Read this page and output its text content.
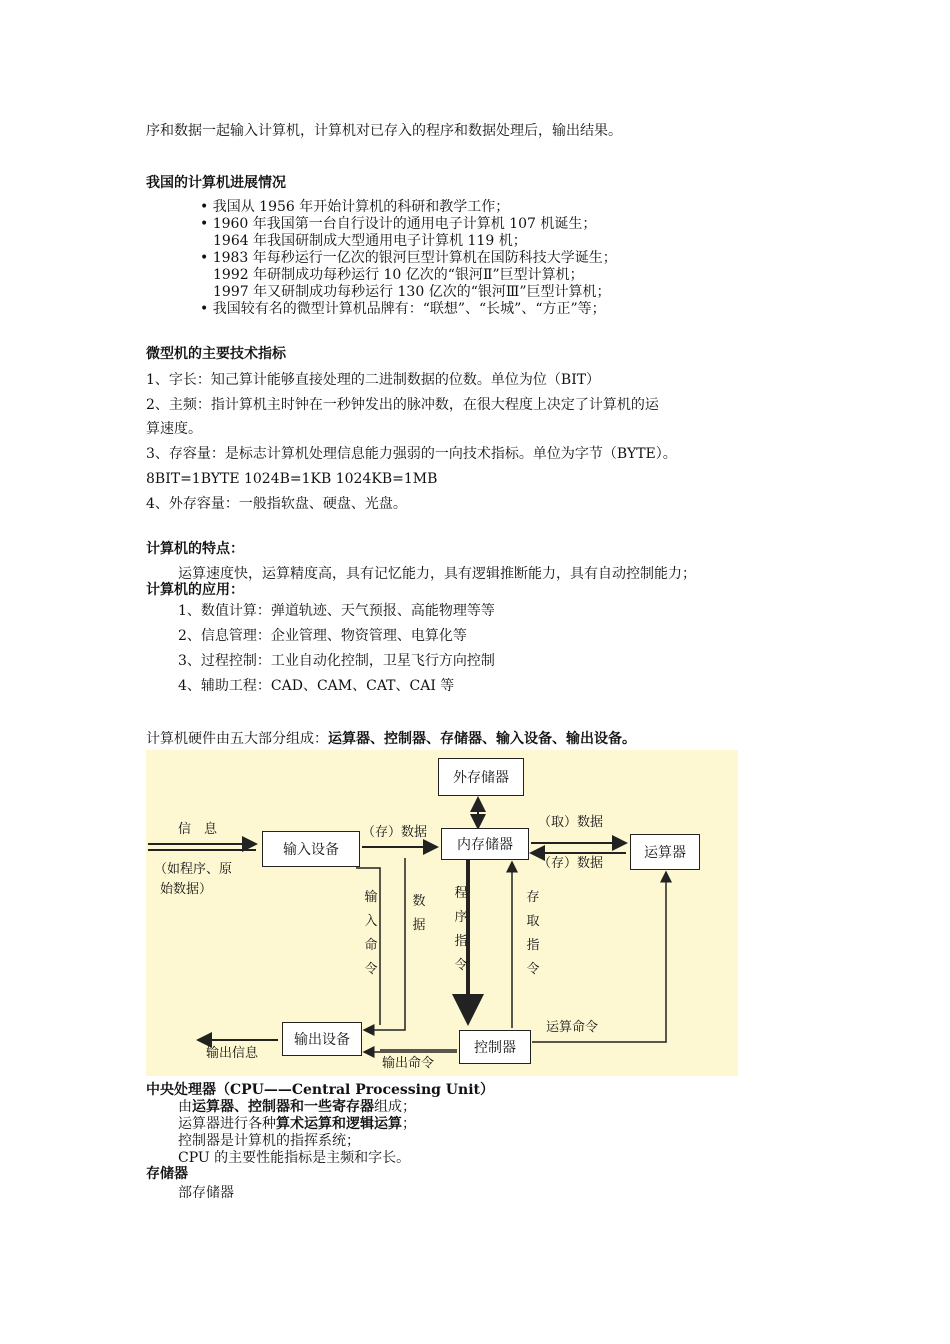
序和数据一起输入计算机，计算机对已存入的程序和数据处理后，输出结果。
我国的计算机进展情况
• 我国从 1956 年开始计算机的科研和教学工作；
• 1960 年我国第一台自行设计的通用电子计算机 107 机诞生；
1964 年我国研制成大型通用电子计算机 119 机；
• 1983 年每秒运行一亿次的银河巨型计算机在国防科技大学诞生；
1992 年研制成功每秒运行 10 亿次的“银河Ⅱ”巨型计算机；
1997 年又研制成功每秒运行 130 亿次的“银河Ⅲ”巨型计算机；
• 我国较有名的微型计算机品牌有：“联想”、“长城”、“方正”等；
微型机的主要技术指标
1、字长：知己算计能够直接处理的二进制数据的位数。单位为位（BIT）
2、主频：指计算机主时钟在一秒钟发出的脉冲数，在很大程度上决定了计算机的运
算速度。
3、存容量：是标志计算机处理信息能力强弱的一向技术指标。单位为字节（BYTE）。
8BIT=1BYTE 1024B=1KB 1024KB=1MB
4、外存容量：一般指软盘、硬盘、光盘。
计算机的特点：
运算速度快，运算精度高，具有记忆能力，具有逻辑推断能力，具有自动控制能力；
计算机的应用：
1、数值计算：弹道轨迹、天气预报、高能物理等等
2、信息管理：企业管理、物资管理、电算化等
3、过程控制：工业自动化控制，卫星飞行方向控制
4、辅助工程：CAD、CAM、CAT、CAI 等
计算机硬件由五大部分组成：运算器、控制器、存储器、输入设备、输出设备。
外存储器
输入设备	内存储器	运算器
输出设备	控制器
信　息
（如程序、原
始数据）
（存）数据
（取）数据
（存）数据
输入命令
数据
程序指令
存取指令
运算命令
输出信息
输出命令
中央处理器（CPU——Central Processing Unit）
由运算器、控制器和一些寄存器组成；
运算器进行各种算术运算和逻辑运算；
控制器是计算机的指挥系统；
CPU 的主要性能指标是主频和字长。
存储器
部存储器
